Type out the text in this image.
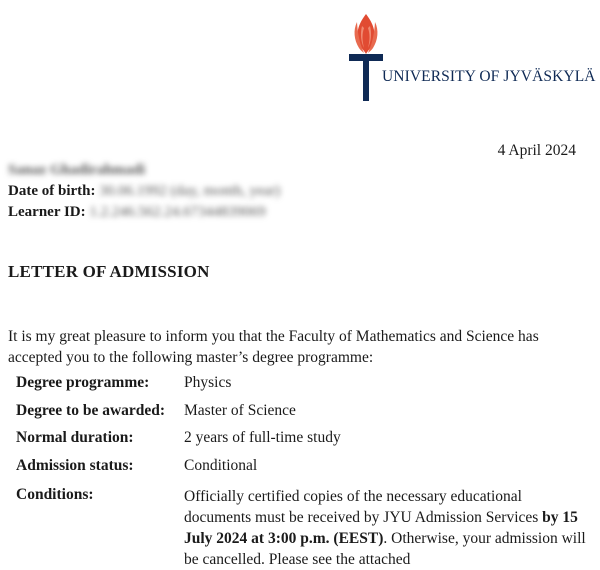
UNIVERSITY OF JYVÄSKYLÄ
4 April 2024
Sanaz Ghadirahmadi
Date of birth: 30.06.1992 (day, month, year)
Learner ID: 1.2.246.562.24.67344839069
LETTER OF ADMISSION
It is my great pleasure to inform you that the Faculty of Mathematics and Science has accepted you to the following master’s degree programme:
Degree programme:	Physics
Degree to be awarded:	Master of Science
Normal duration:	2 years of full-time study
Admission status:	Conditional
Conditions:	Officially certified copies of the necessary educational documents must be received by JYU Admission Services by 15 July 2024 at 3:00 p.m. (EEST). Otherwise, your admission will be cancelled. Please see the attached
